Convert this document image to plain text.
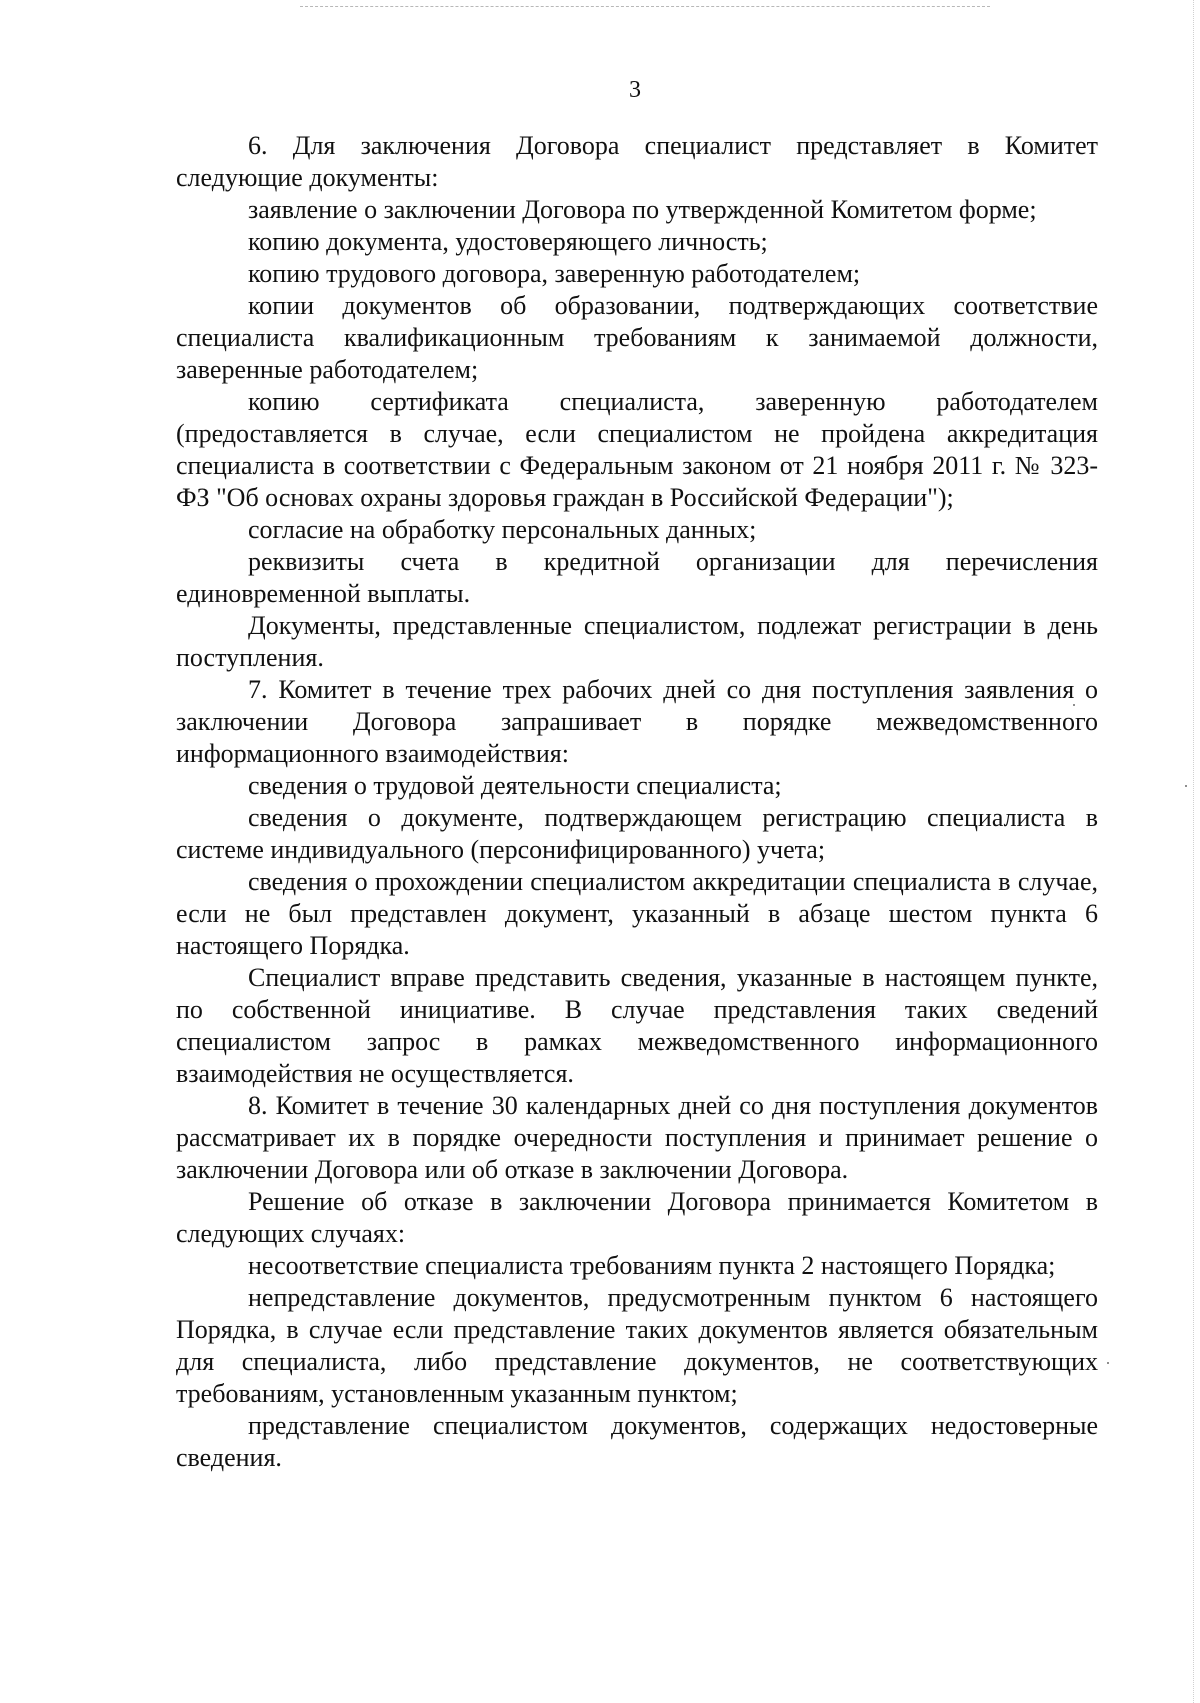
3

6. Для заключения Договора специалист представляет в Комитет следующие документы:

заявление о заключении Договора по утвержденной Комитетом форме;

копию документа, удостоверяющего личность;

копию трудового договора, заверенную работодателем;

копии документов об образовании, подтверждающих соответствие специалиста квалификационным требованиям к занимаемой должности, заверенные работодателем;

копию сертификата специалиста, заверенную работодателем (предоставляется в случае, если специалистом не пройдена аккредитация специалиста в соответствии с Федеральным законом от 21 ноября 2011 г. № 323-ФЗ "Об основах охраны здоровья граждан в Российской Федерации");

согласие на обработку персональных данных;

реквизиты счета в кредитной организации для перечисления единовременной выплаты.

Документы, представленные специалистом, подлежат регистрации в день поступления.

7. Комитет в течение трех рабочих дней со дня поступления заявления о заключении Договора запрашивает в порядке межведомственного информационного взаимодействия:

сведения о трудовой деятельности специалиста;

сведения о документе, подтверждающем регистрацию специалиста в системе индивидуального (персонифицированного) учета;

сведения о прохождении специалистом аккредитации специалиста в случае, если не был представлен документ, указанный в абзаце шестом пункта 6 настоящего Порядка.

Специалист вправе представить сведения, указанные в настоящем пункте, по собственной инициативе. В случае представления таких сведений специалистом запрос в рамках межведомственного информационного взаимодействия не осуществляется.

8. Комитет в течение 30 календарных дней со дня поступления документов рассматривает их в порядке очередности поступления и принимает решение о заключении Договора или об отказе в заключении Договора.

Решение об отказе в заключении Договора принимается Комитетом в следующих случаях:

несоответствие специалиста требованиям пункта 2 настоящего Порядка;

непредставление документов, предусмотренным пунктом 6 настоящего Порядка, в случае если представление таких документов является обязательным для специалиста, либо представление документов, не соответствующих требованиям, установленным указанным пунктом;

представление специалистом документов, содержащих недостоверные сведения.
